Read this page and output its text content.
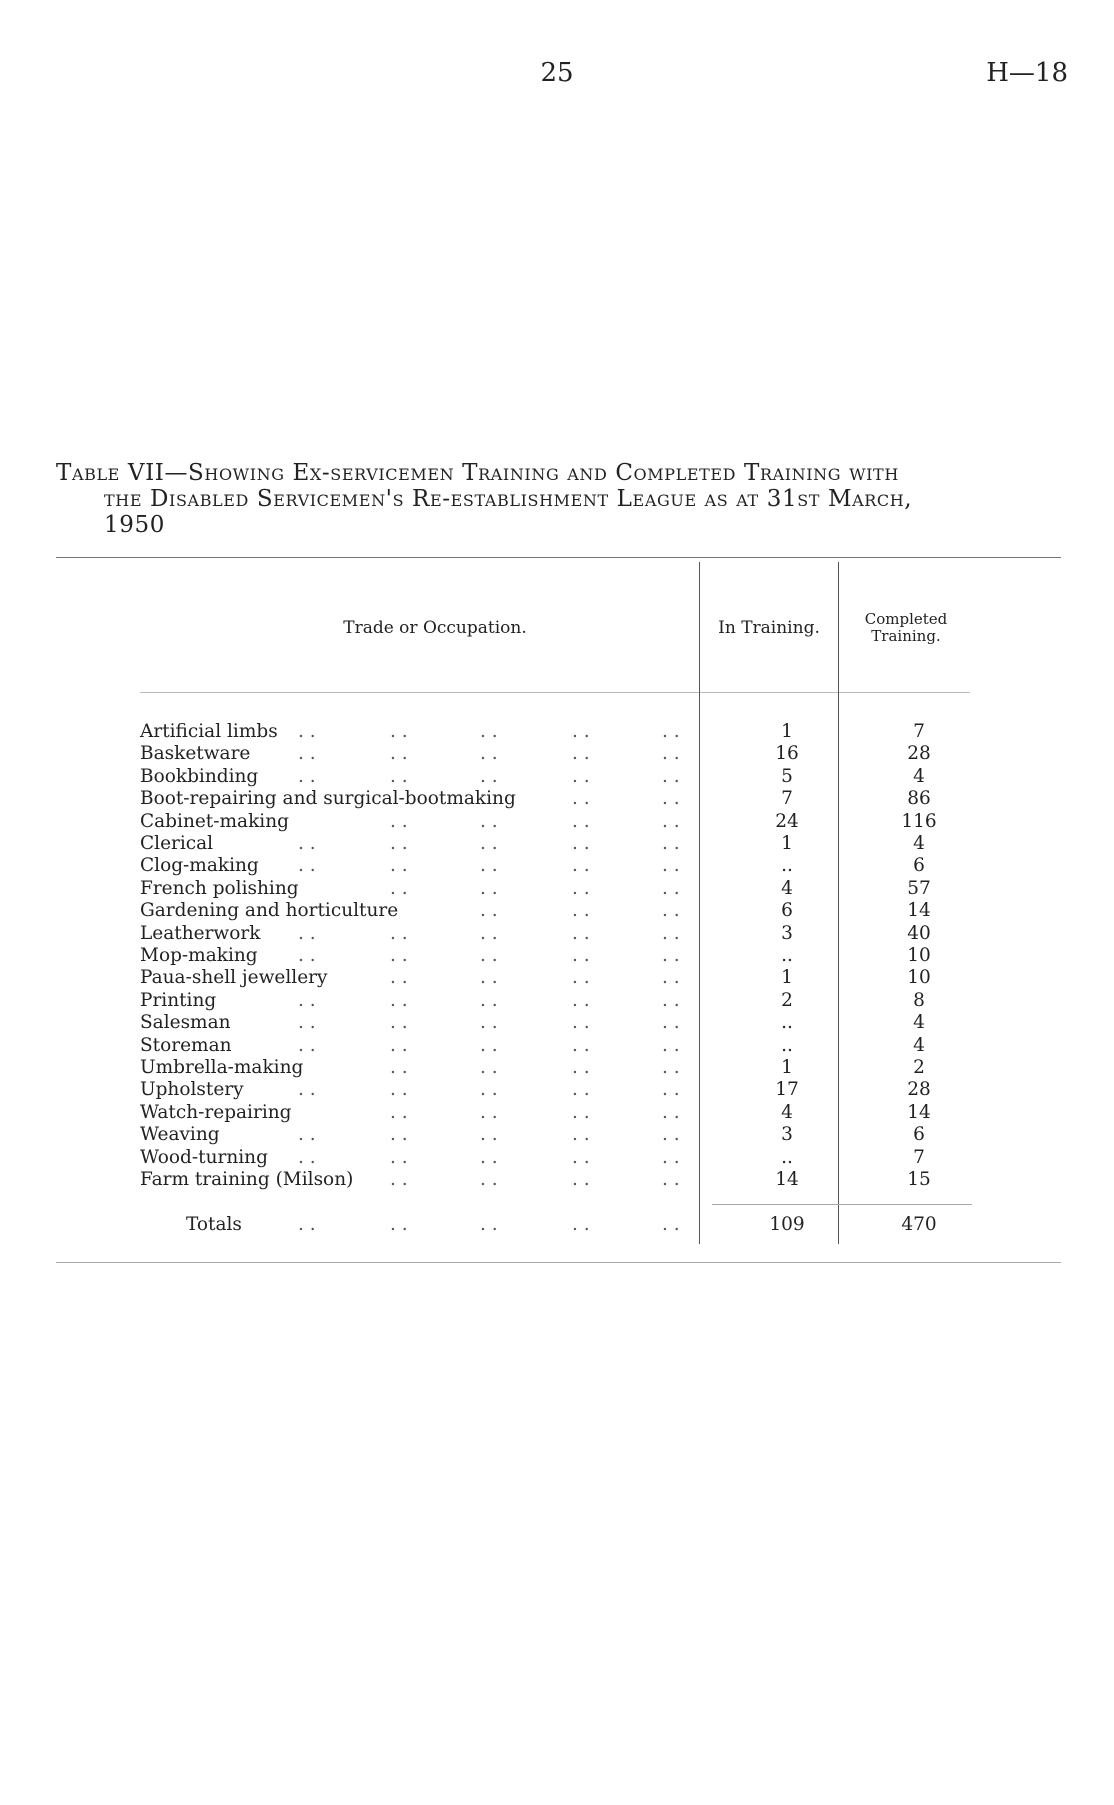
25	H—18
Table VII—Showing Ex-servicemen Training and Completed Training with
the Disabled Servicemen's Re-establishment League as at 31st March,
1950
Trade or Occupation.	In Training.	Completed Training.
Artificial limbs	1	7
. .	. .	. .	. .	. .
Basketware	16	28
. .	. .	. .	. .	. .
Bookbinding	5	4
. .	. .	. .	. .	. .
Boot-repairing and surgical-bootmaking	7	86
. .	. .
Cabinet-making	24	116
. .	. .	. .	. .
Clerical	1	4
. .	. .	. .	. .	. .
Clog-making	..	6
. .	. .	. .	. .	. .
French polishing	4	57
. .	. .	. .	. .
Gardening and horticulture	6	14
. .	. .	. .
Leatherwork	3	40
. .	. .	. .	. .	. .
Mop-making	..	10
. .	. .	. .	. .	. .
Paua-shell jewellery	1	10
. .	. .	. .	. .
Printing	2	8
. .	. .	. .	. .	. .
Salesman	..	4
. .	. .	. .	. .	. .
Storeman	..	4
. .	. .	. .	. .	. .
Umbrella-making	1	2
. .	. .	. .	. .
Upholstery	17	28
. .	. .	. .	. .	. .
Watch-repairing	4	14
. .	. .	. .	. .
Weaving	3	6
. .	. .	. .	. .	. .
Wood-turning	..	7
. .	. .	. .	. .	. .
Farm training (Milson)	14	15
. .	. .	. .	. .
Totals	109	470
. .	. .	. .	. .	. .
